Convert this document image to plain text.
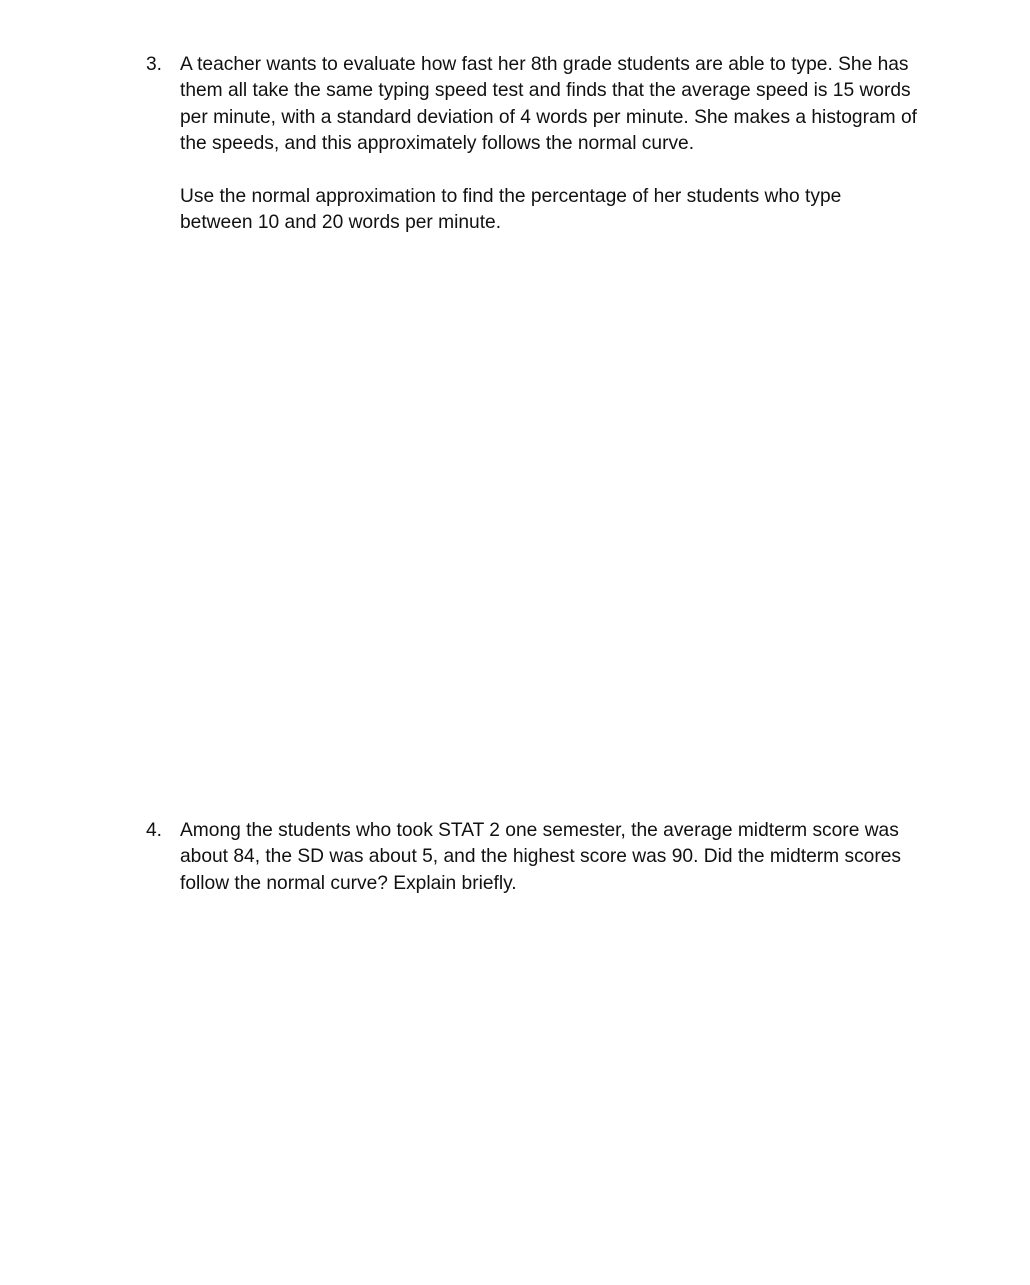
3. A teacher wants to evaluate how fast her 8th grade students are able to type. She has
them all take the same typing speed test and finds that the average speed is 15 words
per minute, with a standard deviation of 4 words per minute. She makes a histogram of
the speeds, and this approximately follows the normal curve.
Use the normal approximation to find the percentage of her students who type
between 10 and 20 words per minute.
4. Among the students who took STAT 2 one semester, the average midterm score was
about 84, the SD was about 5, and the highest score was 90. Did the midterm scores
follow the normal curve? Explain briefly.
